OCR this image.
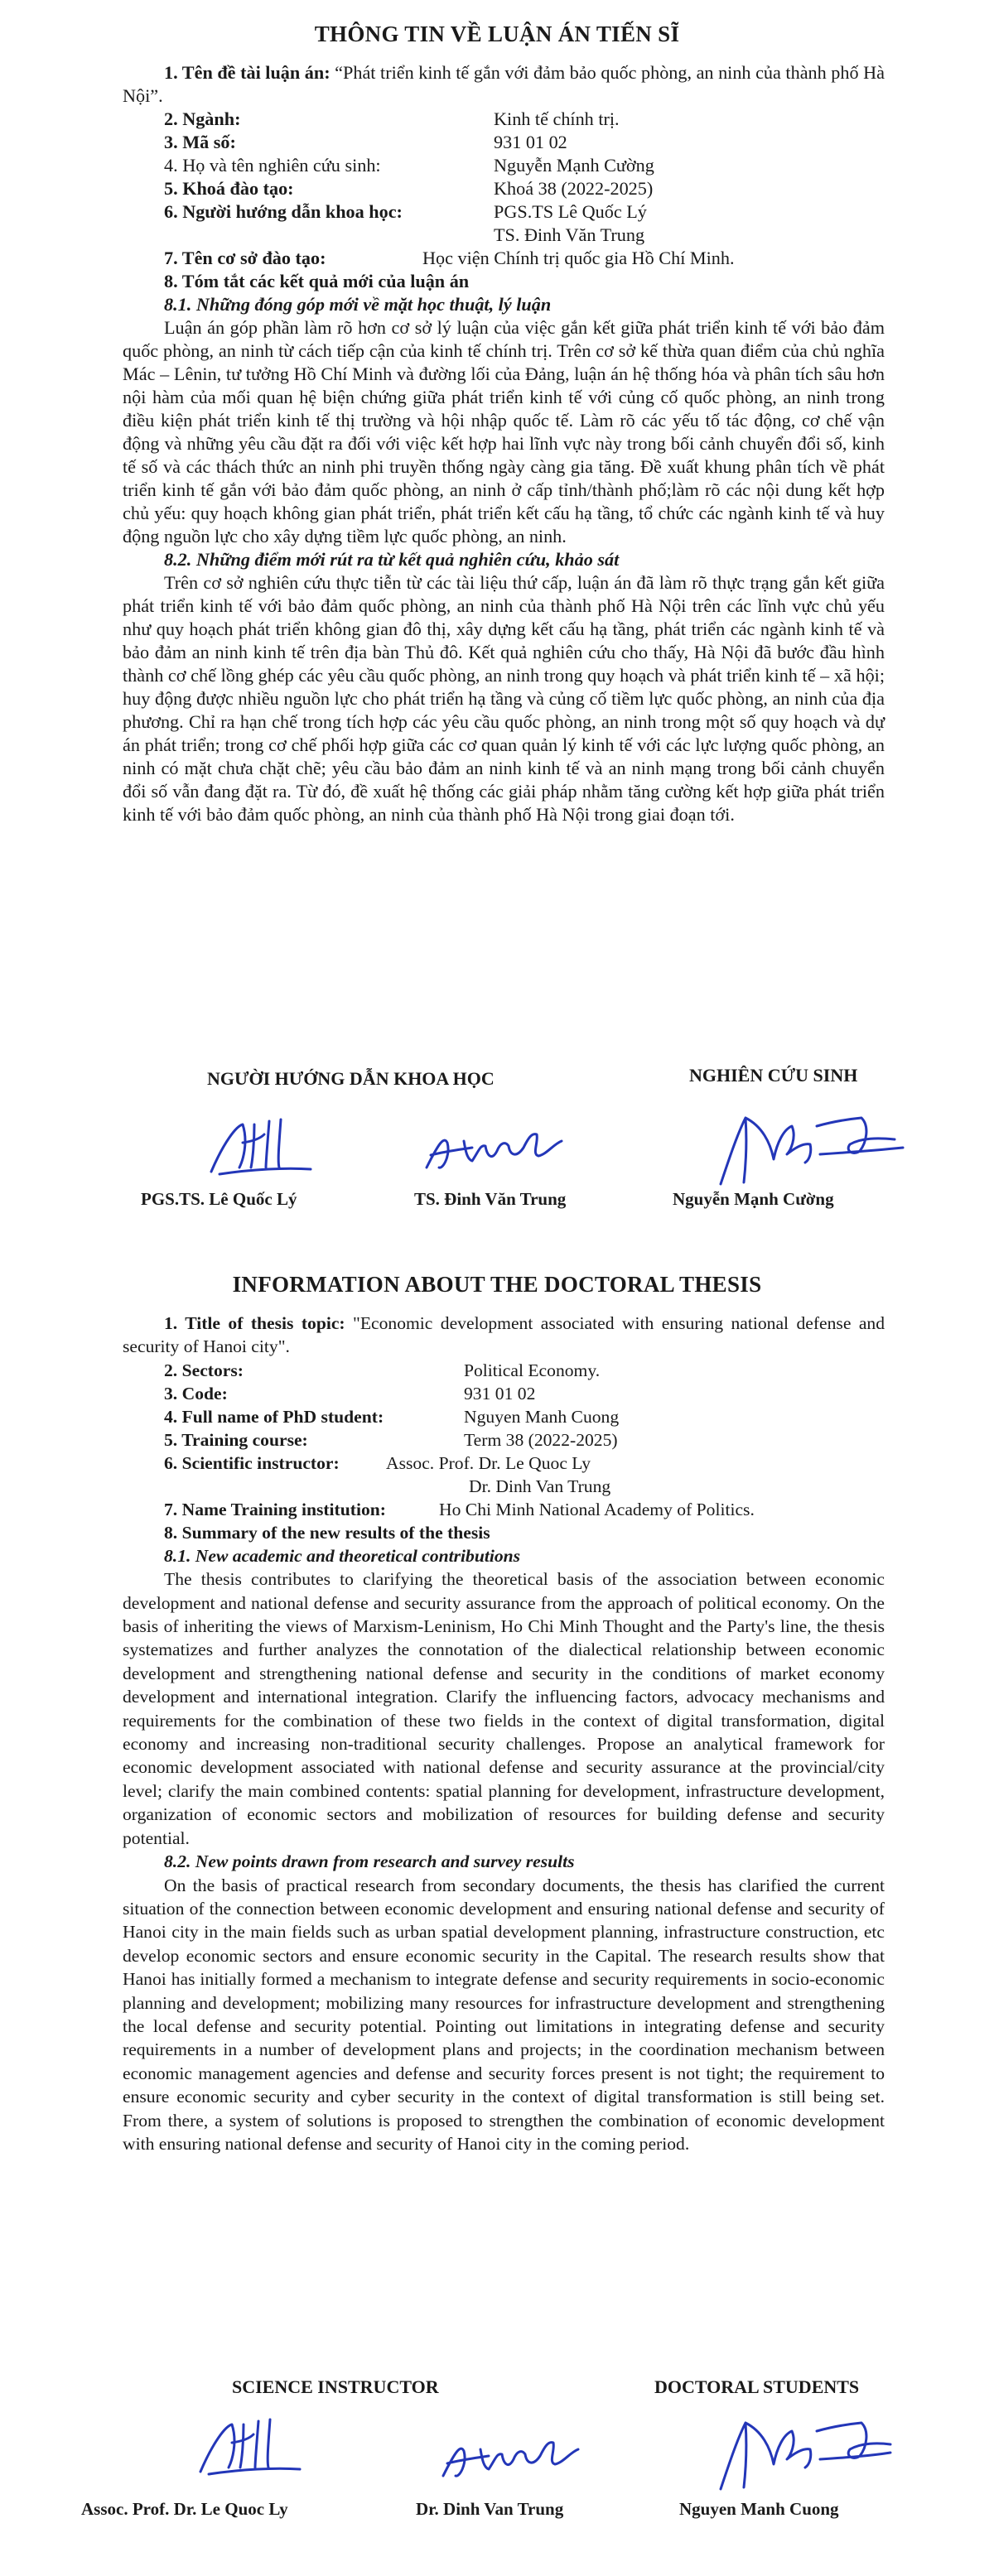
THÔNG TIN VỀ LUẬN ÁN TIẾN SĨ

1. Tên đề tài luận án: “Phát triển kinh tế gắn với đảm bảo quốc phòng, an ninh của thành phố Hà Nội”.

2. Ngành:	Kinh tế chính trị.
3. Mã số:	931 01 02
4. Họ và tên nghiên cứu sinh:	Nguyễn Mạnh Cường
5. Khoá đào tạo:	Khoá 38 (2022-2025)
6. Người hướng dẫn khoa học:	PGS.TS Lê Quốc Lý
TS. Đinh Văn Trung
7. Tên cơ sở đào tạo:	Học viện Chính trị quốc gia Hồ Chí Minh.
8. Tóm tắt các kết quả mới của luận án

8.1. Những đóng góp mới về mặt học thuật, lý luận

Luận án góp phần làm rõ hơn cơ sở lý luận của việc gắn kết giữa phát triển kinh tế với bảo đảm quốc phòng, an ninh từ cách tiếp cận của kinh tế chính trị. Trên cơ sở kế thừa quan điểm của chủ nghĩa Mác – Lênin, tư tưởng Hồ Chí Minh và đường lối của Đảng, luận án hệ thống hóa và phân tích sâu hơn nội hàm của mối quan hệ biện chứng giữa phát triển kinh tế với củng cố quốc phòng, an ninh trong điều kiện phát triển kinh tế thị trường và hội nhập quốc tế. Làm rõ các yếu tố tác động, cơ chế vận động và những yêu cầu đặt ra đối với việc kết hợp hai lĩnh vực này trong bối cảnh chuyển đổi số, kinh tế số và các thách thức an ninh phi truyền thống ngày càng gia tăng. Đề xuất khung phân tích về phát triển kinh tế gắn với bảo đảm quốc phòng, an ninh ở cấp tỉnh/thành phố;làm rõ các nội dung kết hợp chủ yếu: quy hoạch không gian phát triển, phát triển kết cấu hạ tầng, tổ chức các ngành kinh tế và huy động nguồn lực cho xây dựng tiềm lực quốc phòng, an ninh.

8.2. Những điểm mới rút ra từ kết quả nghiên cứu, khảo sát

Trên cơ sở nghiên cứu thực tiễn từ các tài liệu thứ cấp, luận án đã làm rõ thực trạng gắn kết giữa phát triển kinh tế với bảo đảm quốc phòng, an ninh của thành phố Hà Nội trên các lĩnh vực chủ yếu như quy hoạch phát triển không gian đô thị, xây dựng kết cấu hạ tầng, phát triển các ngành kinh tế và bảo đảm an ninh kinh tế trên địa bàn Thủ đô. Kết quả nghiên cứu cho thấy, Hà Nội đã bước đầu hình thành cơ chế lồng ghép các yêu cầu quốc phòng, an ninh trong quy hoạch và phát triển kinh tế – xã hội; huy động được nhiều nguồn lực cho phát triển hạ tầng và củng cố tiềm lực quốc phòng, an ninh của địa phương. Chỉ ra hạn chế trong tích hợp các yêu cầu quốc phòng, an ninh trong một số quy hoạch và dự án phát triển; trong cơ chế phối hợp giữa các cơ quan quản lý kinh tế với các lực lượng quốc phòng, an ninh có mặt chưa chặt chẽ; yêu cầu bảo đảm an ninh kinh tế và an ninh mạng trong bối cảnh chuyển đổi số vẫn đang đặt ra. Từ đó, đề xuất hệ thống các giải pháp nhằm tăng cường kết hợp giữa phát triển kinh tế với bảo đảm quốc phòng, an ninh của thành phố Hà Nội trong giai đoạn tới.

NGƯỜI HƯỚNG DẪN KHOA HỌC	NGHIÊN CỨU SINH
PGS.TS. Lê Quốc Lý	TS. Đinh Văn Trung	Nguyễn Mạnh Cường
INFORMATION ABOUT THE DOCTORAL THESIS

1. Title of thesis topic: "Economic development associated with ensuring national defense and security of Hanoi city".

2. Sectors:	Political Economy.
3. Code:	931 01 02
4. Full name of PhD student:	Nguyen Manh Cuong
5. Training course:	Term 38 (2022-2025)
6. Scientific instructor:	Assoc. Prof. Dr. Le Quoc Ly
Dr. Dinh Van Trung
7. Name Training institution:	Ho Chi Minh National Academy of Politics.
8. Summary of the new results of the thesis

8.1. New academic and theoretical contributions

The thesis contributes to clarifying the theoretical basis of the association between economic development and national defense and security assurance from the approach of political economy. On the basis of inheriting the views of Marxism-Leninism, Ho Chi Minh Thought and the Party's line, the thesis systematizes and further analyzes the connotation of the dialectical relationship between economic development and strengthening national defense and security in the conditions of market economy development and international integration. Clarify the influencing factors, advocacy mechanisms and requirements for the combination of these two fields in the context of digital transformation, digital economy and increasing non-traditional security challenges. Propose an analytical framework for economic development associated with national defense and security assurance at the provincial/city level; clarify the main combined contents: spatial planning for development, infrastructure development, organization of economic sectors and mobilization of resources for building defense and security potential.

8.2. New points drawn from research and survey results

On the basis of practical research from secondary documents, the thesis has clarified the current situation of the connection between economic development and ensuring national defense and security of Hanoi city in the main fields such as urban spatial development planning, infrastructure construction, etc develop economic sectors and ensure economic security in the Capital. The research results show that Hanoi has initially formed a mechanism to integrate defense and security requirements in socio-economic planning and development; mobilizing many resources for infrastructure development and strengthening the local defense and security potential. Pointing out limitations in integrating defense and security requirements in a number of development plans and projects; in the coordination mechanism between economic management agencies and defense and security forces present is not tight; the requirement to ensure economic security and cyber security in the context of digital transformation is still being set. From there, a system of solutions is proposed to strengthen the combination of economic development with ensuring national defense and security of Hanoi city in the coming period.

SCIENCE INSTRUCTOR	DOCTORAL STUDENTS
Assoc. Prof. Dr. Le Quoc Ly	Dr. Dinh Van Trung	Nguyen Manh Cuong
